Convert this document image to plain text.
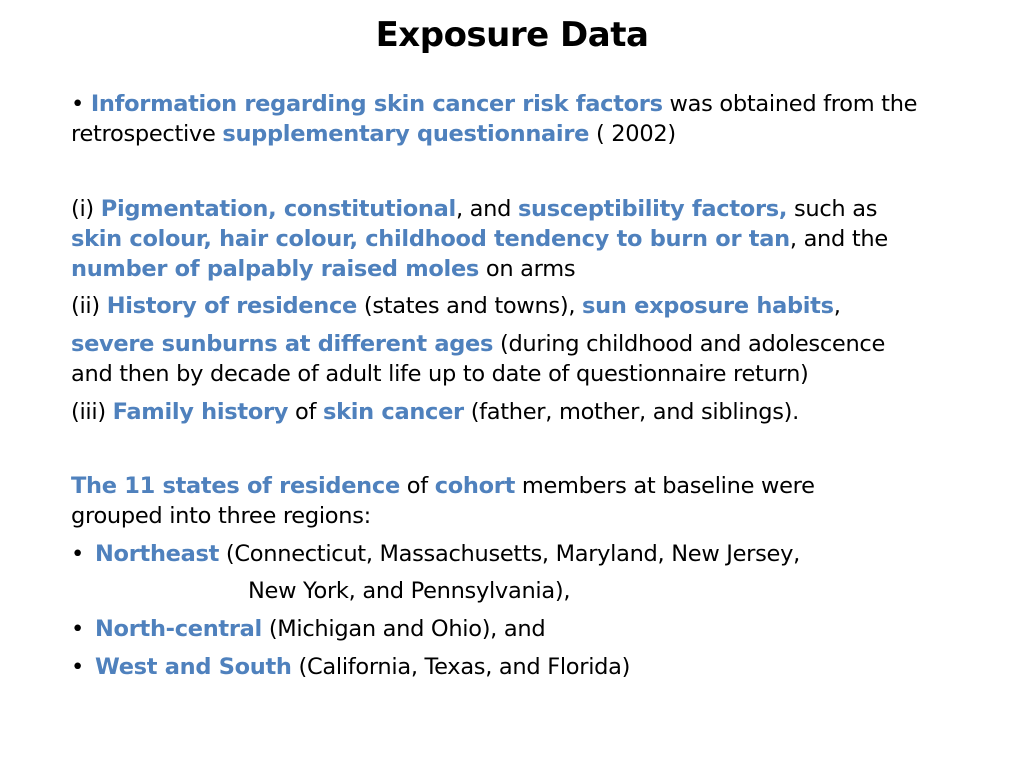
Exposure Data
• Information regarding skin cancer risk factors was obtained from the
retrospective supplementary questionnaire ( 2002)
(i) Pigmentation, constitutional, and susceptibility factors, such as
skin colour, hair colour, childhood tendency to burn or tan, and the
number of palpably raised moles on arms
(ii) History of residence (states and towns), sun exposure habits,
severe sunburns at different ages (during childhood and adolescence
and then by decade of adult life up to date of questionnaire return)
(iii) Family history of skin cancer (father, mother, and siblings).
The 11 states of residence of cohort members at baseline were
grouped into three regions:
• Northeast (Connecticut, Massachusetts, Maryland, New Jersey,
New York, and Pennsylvania),
• North-central (Michigan and Ohio), and
• West and South (California, Texas, and Florida)
